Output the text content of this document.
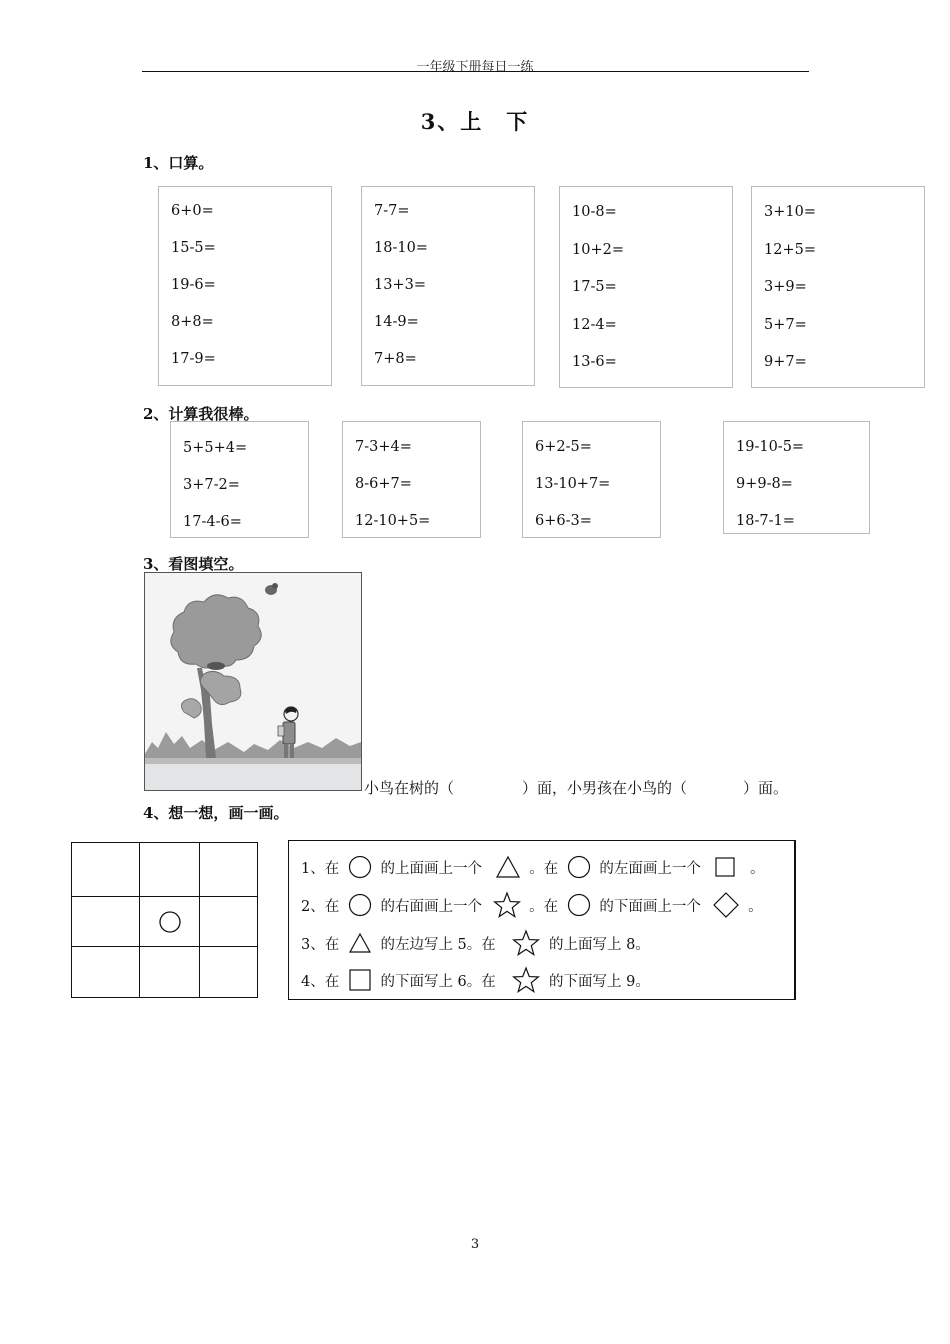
一年级下册每日一练
3、上　下
1、口算。
6+0=
15-5=
19-6=
8+8=
17-9=
7-7=
18-10=
13+3=
14-9=
7+8=
10-8=
10+2=
17-5=
12-4=
13-6=
3+10=
12+5=
3+9=
5+7=
9+7=
2、计算我很棒。
5+5+4=
3+7-2=
17-4-6=
7-3+4=
8-6+7=
12-10+5=
6+2-5=
13-10+7=
6+6-3=
19-10-5=
9+9-8=
18-7-1=
3、看图填空。
小鸟在树的（	）面，小男孩在小鸟的（	）面。
4、想一想，画一画。

1、在	的上面画上一个	。在	的左面画上一个	。
2、在	的右面画上一个	。在	的下面画上一个	。
3、在	的左边写上 5。在	的上面写上 8。
4、在	的下面写上 6。在	的下面写上 9。
3
